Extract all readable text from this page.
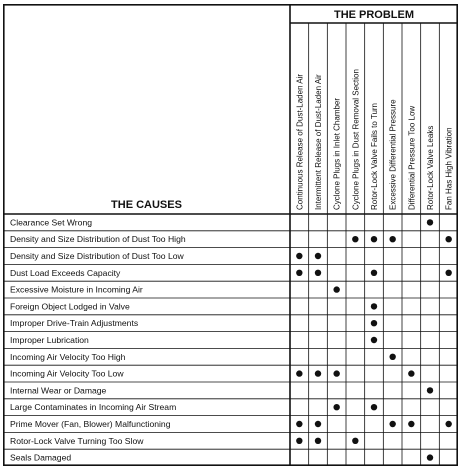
THE PROBLEM
THE CAUSES	Continuous Release of Dust-Laden Air Intermittent Release of Dust-Laden Air Cyclone Plugs in Inlet Chamber Cyclone Plugs in Dust Removal Section Rotor-Lock Valve Fails to Turn Excessive Differential Pressure Differential Pressure Too Low Rotor-Lock Valve Leaks Fan Has High Vibration
Clearance Set Wrong
Density and Size Distribution of Dust Too High
Density and Size Distribution of Dust Too Low
Dust Load Exceeds Capacity
Excessive Moisture in Incoming Air
Foreign Object Lodged in Valve
Improper Drive-Train Adjustments
Improper Lubrication
Incoming Air Velocity Too High
Incoming Air Velocity Too Low
Internal Wear or Damage
Large Contaminates in Incoming Air Stream
Prime Mover (Fan, Blower) Malfunctioning
Rotor-Lock Valve Turning Too Slow
Seals Damaged
